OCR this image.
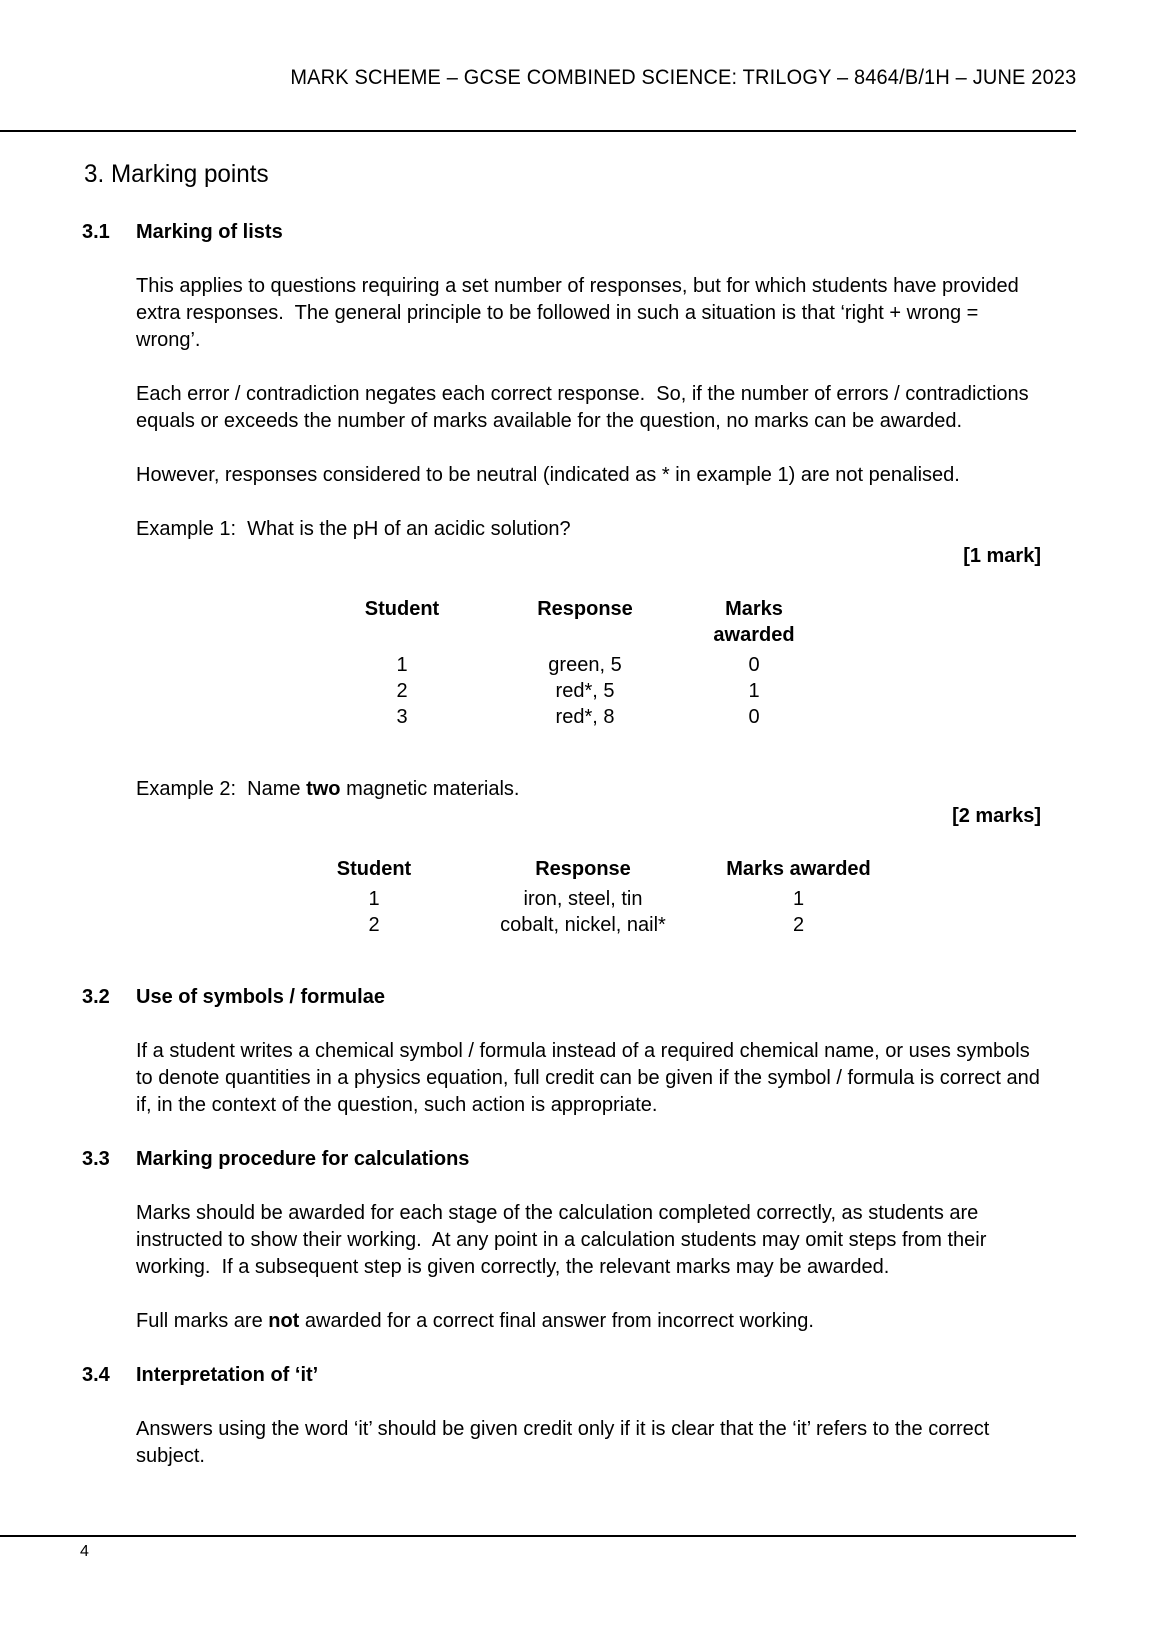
MARK SCHEME – GCSE COMBINED SCIENCE: TRILOGY – 8464/B/1H – JUNE 2023
3. Marking points
3.1	Marking of lists

This applies to questions requiring a set number of responses, but for which students have provided extra responses.  The general principle to be followed in such a situation is that ‘right + wrong = wrong’.

Each error / contradiction negates each correct response.  So, if the number of errors / contradictions equals or exceeds the number of marks available for the question, no marks can be awarded.

However, responses considered to be neutral (indicated as * in example 1) are not penalised.

Example 1:  What is the pH of an acidic solution?

[1 mark]

Student	Response	Marks awarded
1	green, 5	0
2	red*, 5	1
3	red*, 8	0

Example 2:  Name two magnetic materials.

[2 marks]

Student	Response	Marks awarded
1	iron, steel, tin	1
2	cobalt, nickel, nail*	2
3.2	Use of symbols / formulae

If a student writes a chemical symbol / formula instead of a required chemical name, or uses symbols to denote quantities in a physics equation, full credit can be given if the symbol / formula is correct and if, in the context of the question, such action is appropriate.

3.3	Marking procedure for calculations

Marks should be awarded for each stage of the calculation completed correctly, as students are instructed to show their working.  At any point in a calculation students may omit steps from their working.  If a subsequent step is given correctly, the relevant marks may be awarded.

Full marks are not awarded for a correct final answer from incorrect working.

3.4	Interpretation of ‘it’

Answers using the word ‘it’ should be given credit only if it is clear that the ‘it’ refers to the correct subject.

4
